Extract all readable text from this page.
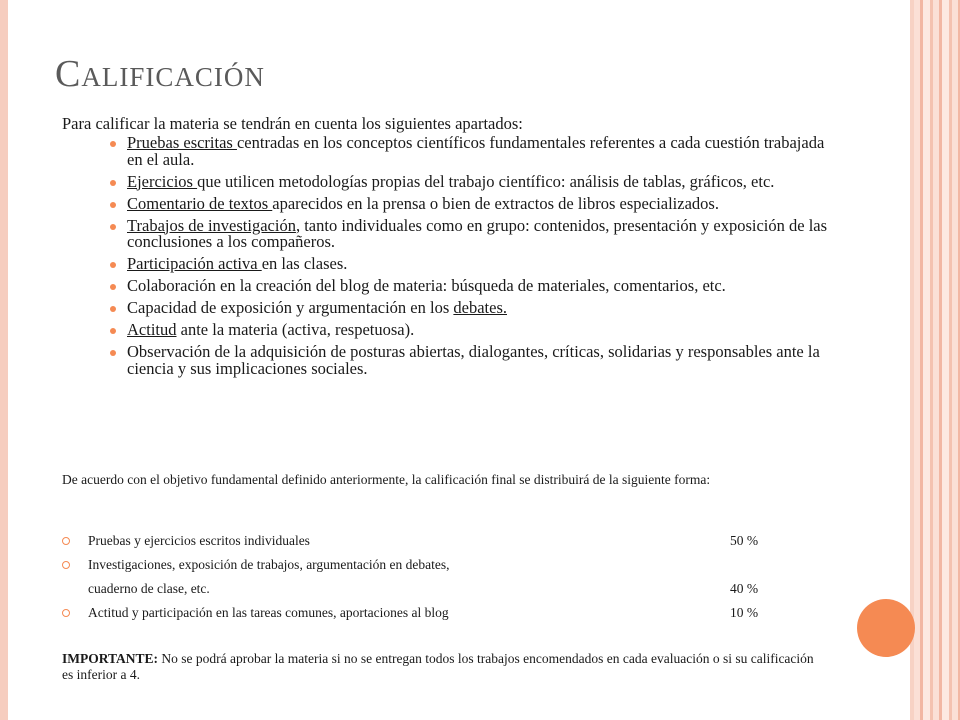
Calificación
Para calificar la materia se tendrán en cuenta los siguientes apartados:
Pruebas escritas centradas en los conceptos científicos fundamentales referentes a cada cuestión trabajada en el aula.
Ejercicios que utilicen metodologías propias del trabajo científico: análisis de tablas, gráficos, etc.
Comentario de textos aparecidos en la prensa o bien de extractos de libros especializados.
Trabajos de investigación, tanto individuales como en grupo: contenidos, presentación y exposición de las conclusiones a los compañeros.
Participación activa en las clases.
Colaboración en la creación del blog de materia: búsqueda de materiales, comentarios, etc.
Capacidad de exposición y argumentación en los debates.
Actitud ante la materia (activa, respetuosa).
Observación de la adquisición de posturas abiertas, dialogantes, críticas, solidarias y responsables ante la ciencia y sus implicaciones sociales.
De acuerdo con el objetivo fundamental definido anteriormente, la calificación final se distribuirá de la siguiente forma:
Pruebas y ejercicios escritos individuales	50 %
Investigaciones, exposición de trabajos, argumentación en debates,
cuaderno de clase, etc.	40 %
Actitud y participación en las tareas comunes, aportaciones al blog	10 %
IMPORTANTE: No se podrá aprobar la materia si no se entregan todos los trabajos encomendados en cada evaluación o si su calificación es inferior a 4.
